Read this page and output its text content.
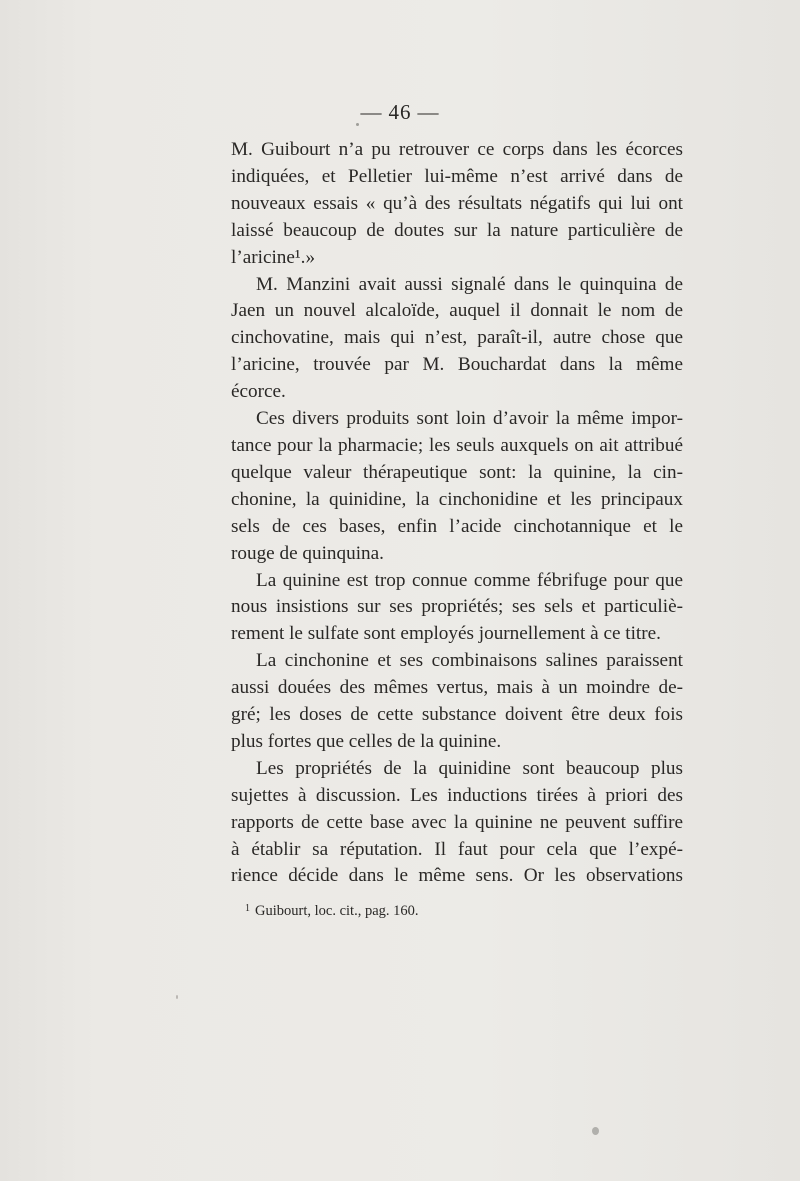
— 46 —

M. Guibourt n’a pu retrouver ce corps dans les écorces
indiquées, et Pelletier lui-même n’est arrivé dans de
nouveaux essais « qu’à des résultats négatifs qui lui ont
laissé beaucoup de doutes sur la nature particulière de
l’aricine¹.»

M. Manzini avait aussi signalé dans le quinquina de
Jaen un nouvel alcaloïde, auquel il donnait le nom de
cinchovatine, mais qui n’est, paraît-il, autre chose que
l’aricine, trouvée par M. Bouchardat dans la même
écorce.

Ces divers produits sont loin d’avoir la même impor-
tance pour la pharmacie; les seuls auxquels on ait attribué
quelque valeur thérapeutique sont: la quinine, la cin-
chonine, la quinidine, la cinchonidine et les principaux
sels de ces bases, enfin l’acide cinchotannique et le
rouge de quinquina.

La quinine est trop connue comme fébrifuge pour que
nous insistions sur ses propriétés; ses sels et particuliè-
rement le sulfate sont employés journellement à ce titre.

La cinchonine et ses combinaisons salines paraissent
aussi douées des mêmes vertus, mais à un moindre de-
gré; les doses de cette substance doivent être deux fois
plus fortes que celles de la quinine.

Les propriétés de la quinidine sont beaucoup plus
sujettes à discussion. Les inductions tirées à priori des
rapports de cette base avec la quinine ne peuvent suffire
à établir sa réputation. Il faut pour cela que l’expé-
rience décide dans le même sens. Or les observations

$^1$ Guibourt, loc. cit., pag. 160.
